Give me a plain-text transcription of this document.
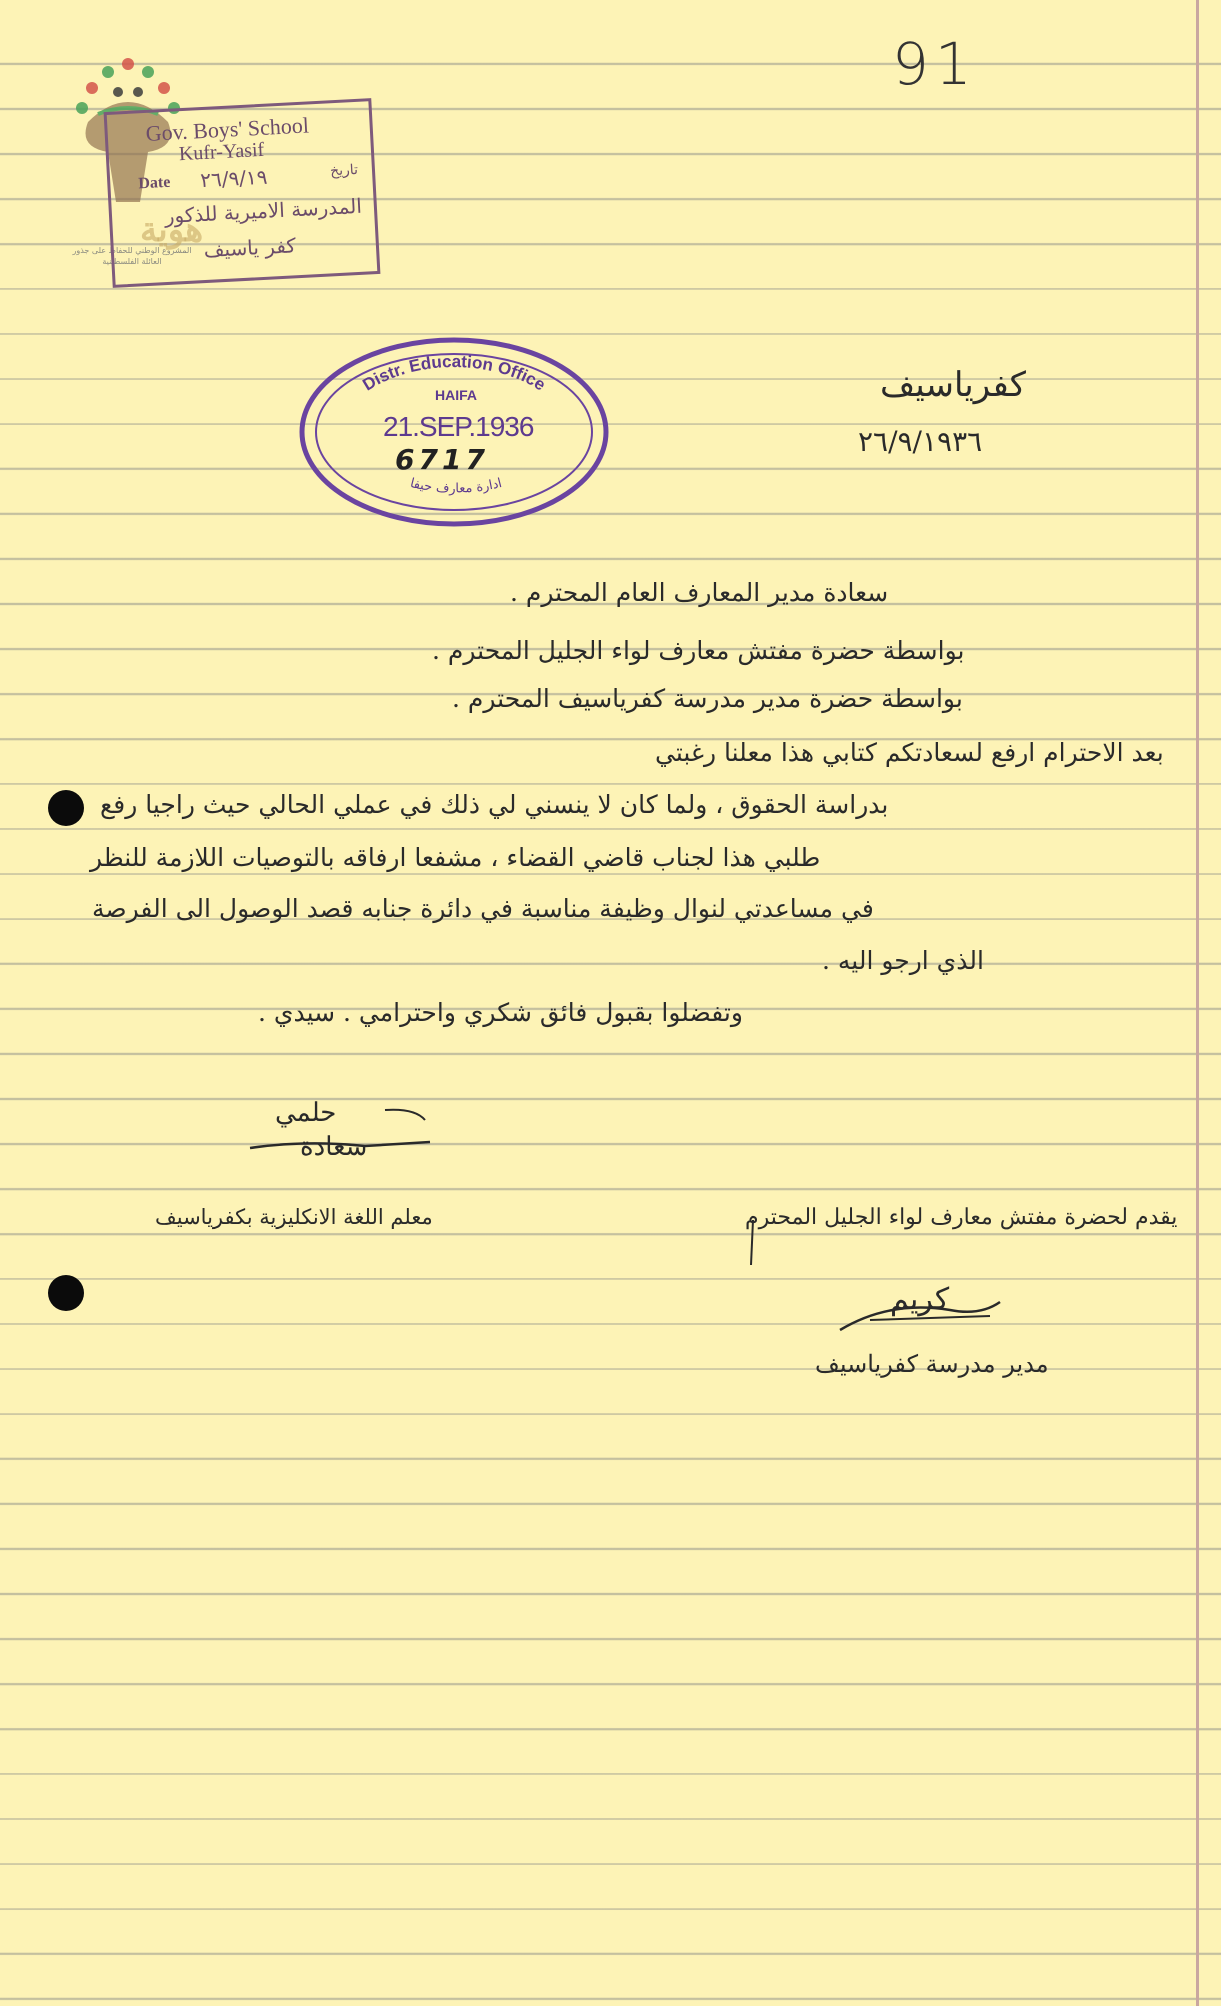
91
المشروع الوطني للحفاظ على جذور العائلة الفلسطينية
Gov. Boys' School
Kufr-Yasif
Date ٢٦/٩/١٩	تاريخ
المدرسة الاميرية للذكور
كفر ياسيف
هوية
Distr. Education Office
ادارة معارف حيفا
HAIFA
21.SEP.1936
6717
كفرياسيف
٢٦/٩/١٩٣٦
سعادة مدير المعارف العام المحترم .
بواسطة حضرة مفتش معارف لواء الجليل المحترم .
بواسطة حضرة مدير مدرسة كفرياسيف المحترم .
بعد الاحترام ارفع لسعادتكم كتابي هذا معلنا رغبتي
بدراسة الحقوق ، ولما كان لا ينسني لي ذلك في عملي الحالي حيث راجيا رفع
طلبي هذا لجناب قاضي القضاء ، مشفعا ارفاقه بالتوصيات اللازمة للنظر
في مساعدتي لنوال وظيفة مناسبة في دائرة جنابه قصد الوصول الى الفرصة
الذي ارجو اليه .
وتفضلوا بقبول فائق شكري واحترامي . سيدي .
حلمي
سعادة
معلم اللغة الانكليزية بكفرياسيف	يقدم لحضرة مفتش معارف لواء الجليل المحترم
كريم
مدير مدرسة كفرياسيف
